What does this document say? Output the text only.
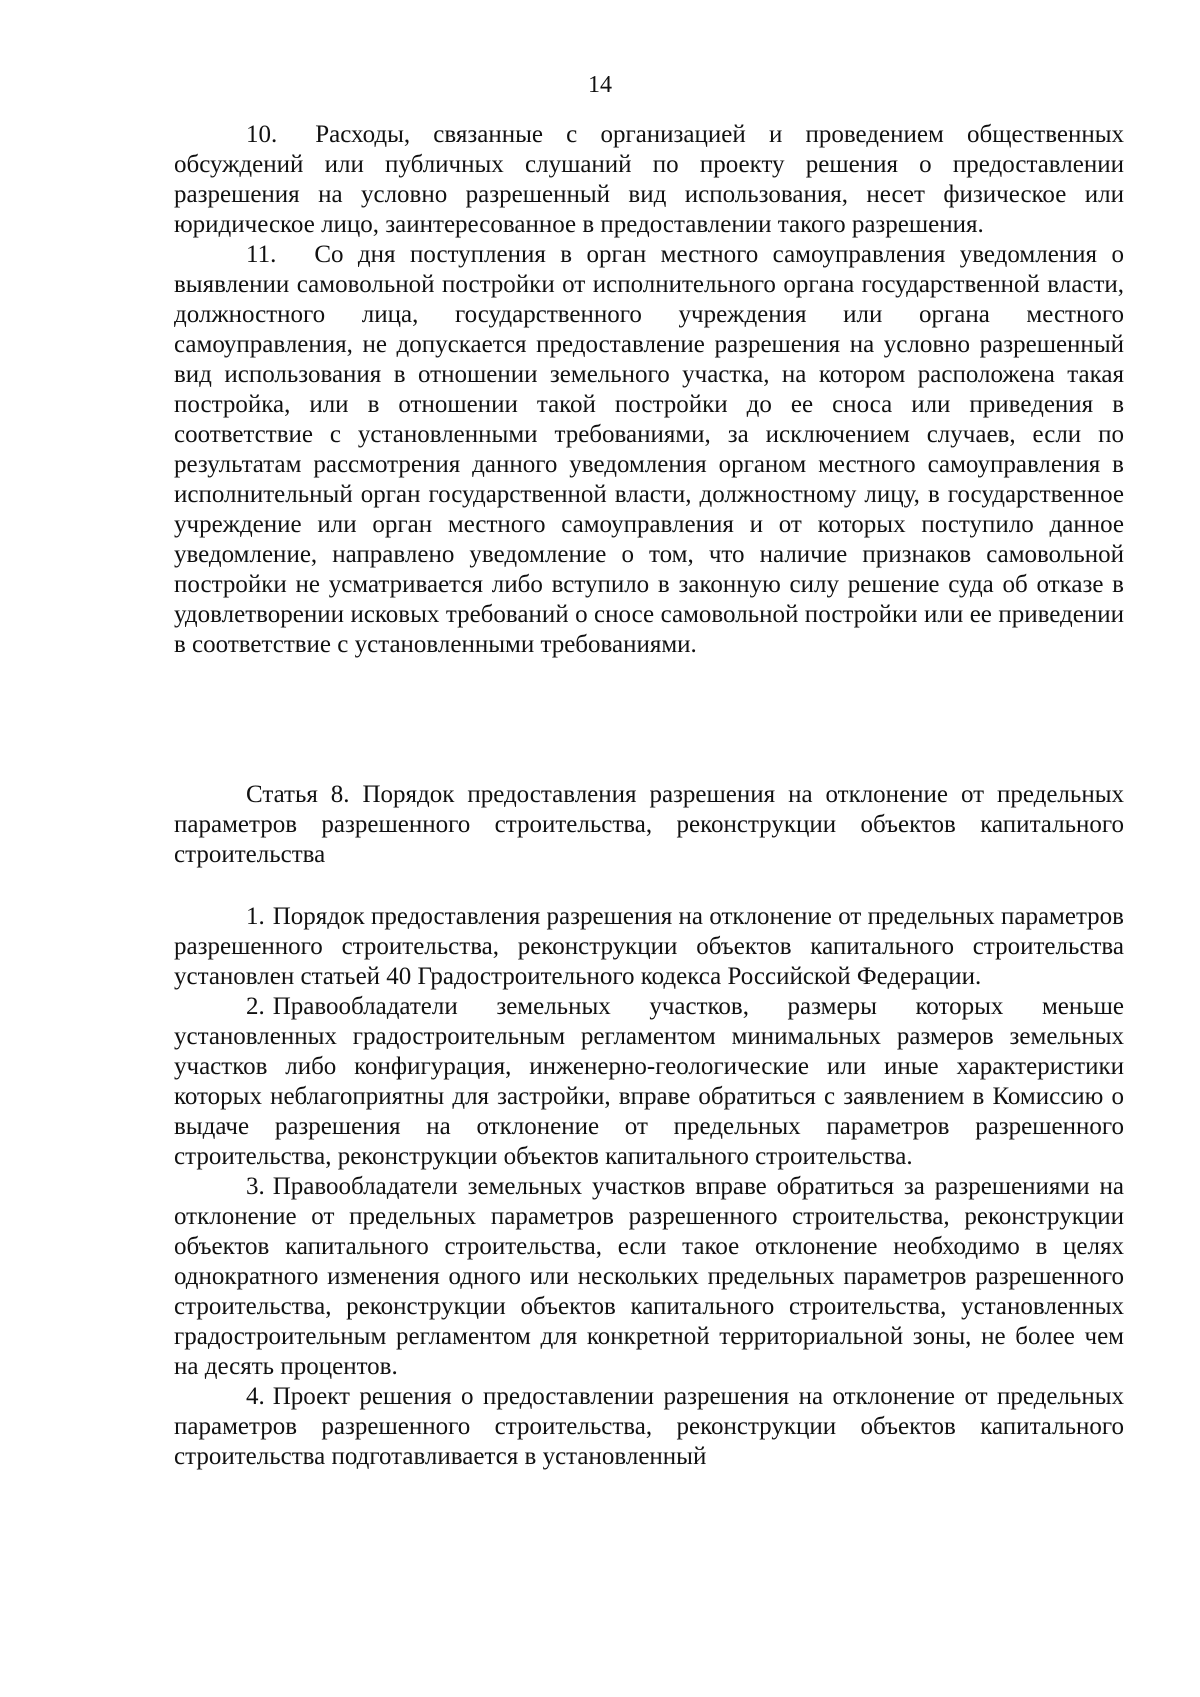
14

10. Расходы, связанные с организацией и проведением общественных обсуждений или публичных слушаний по проекту решения о предоставлении разрешения на условно разрешенный вид использования, несет физическое или юридическое лицо, заинтересованное в предоставлении такого разрешения.

11. Со дня поступления в орган местного самоуправления уведомления о выявлении самовольной постройки от исполнительного органа государственной власти, должностного лица, государственного учреждения или органа местного самоуправления, не допускается предоставление разрешения на условно разрешенный вид использования в отношении земельного участка, на котором расположена такая постройка, или в отношении такой постройки до ее сноса или приведения в соответствие с установленными требованиями, за исключением случаев, если по результатам рассмотрения данного уведомления органом местного самоуправления в исполнительный орган государственной власти, должностному лицу, в государственное учреждение или орган местного самоуправления и от которых поступило данное уведомление, направлено уведомление о том, что наличие признаков самовольной постройки не усматривается либо вступило в законную силу решение суда об отказе в удовлетворении исковых требований о сносе самовольной постройки или ее приведении в соответствие с установленными требованиями.

Статья 8. Порядок предоставления разрешения на отклонение от предельных параметров разрешенного строительства, реконструкции объектов капитального строительства

1. Порядок предоставления разрешения на отклонение от предельных параметров разрешенного строительства, реконструкции объектов капитального строительства установлен статьей 40 Градостроительного кодекса Российской Федерации.

2. Правообладатели земельных участков, размеры которых меньше установленных градостроительным регламентом минимальных размеров земельных участков либо конфигурация, инженерно-геологические или иные характеристики которых неблагоприятны для застройки, вправе обратиться с заявлением в Комиссию о выдаче разрешения на отклонение от предельных параметров разрешенного строительства, реконструкции объектов капитального строительства.

3. Правообладатели земельных участков вправе обратиться за разрешениями на отклонение от предельных параметров разрешенного строительства, реконструкции объектов капитального строительства, если такое отклонение необходимо в целях однократного изменения одного или нескольких предельных параметров разрешенного строительства, реконструкции объектов капитального строительства, установленных градостроительным регламентом для конкретной территориальной зоны, не более чем на десять процентов.

4. Проект решения о предоставлении разрешения на отклонение от предельных параметров разрешенного строительства, реконструкции объектов капитального строительства подготавливается в установленный
